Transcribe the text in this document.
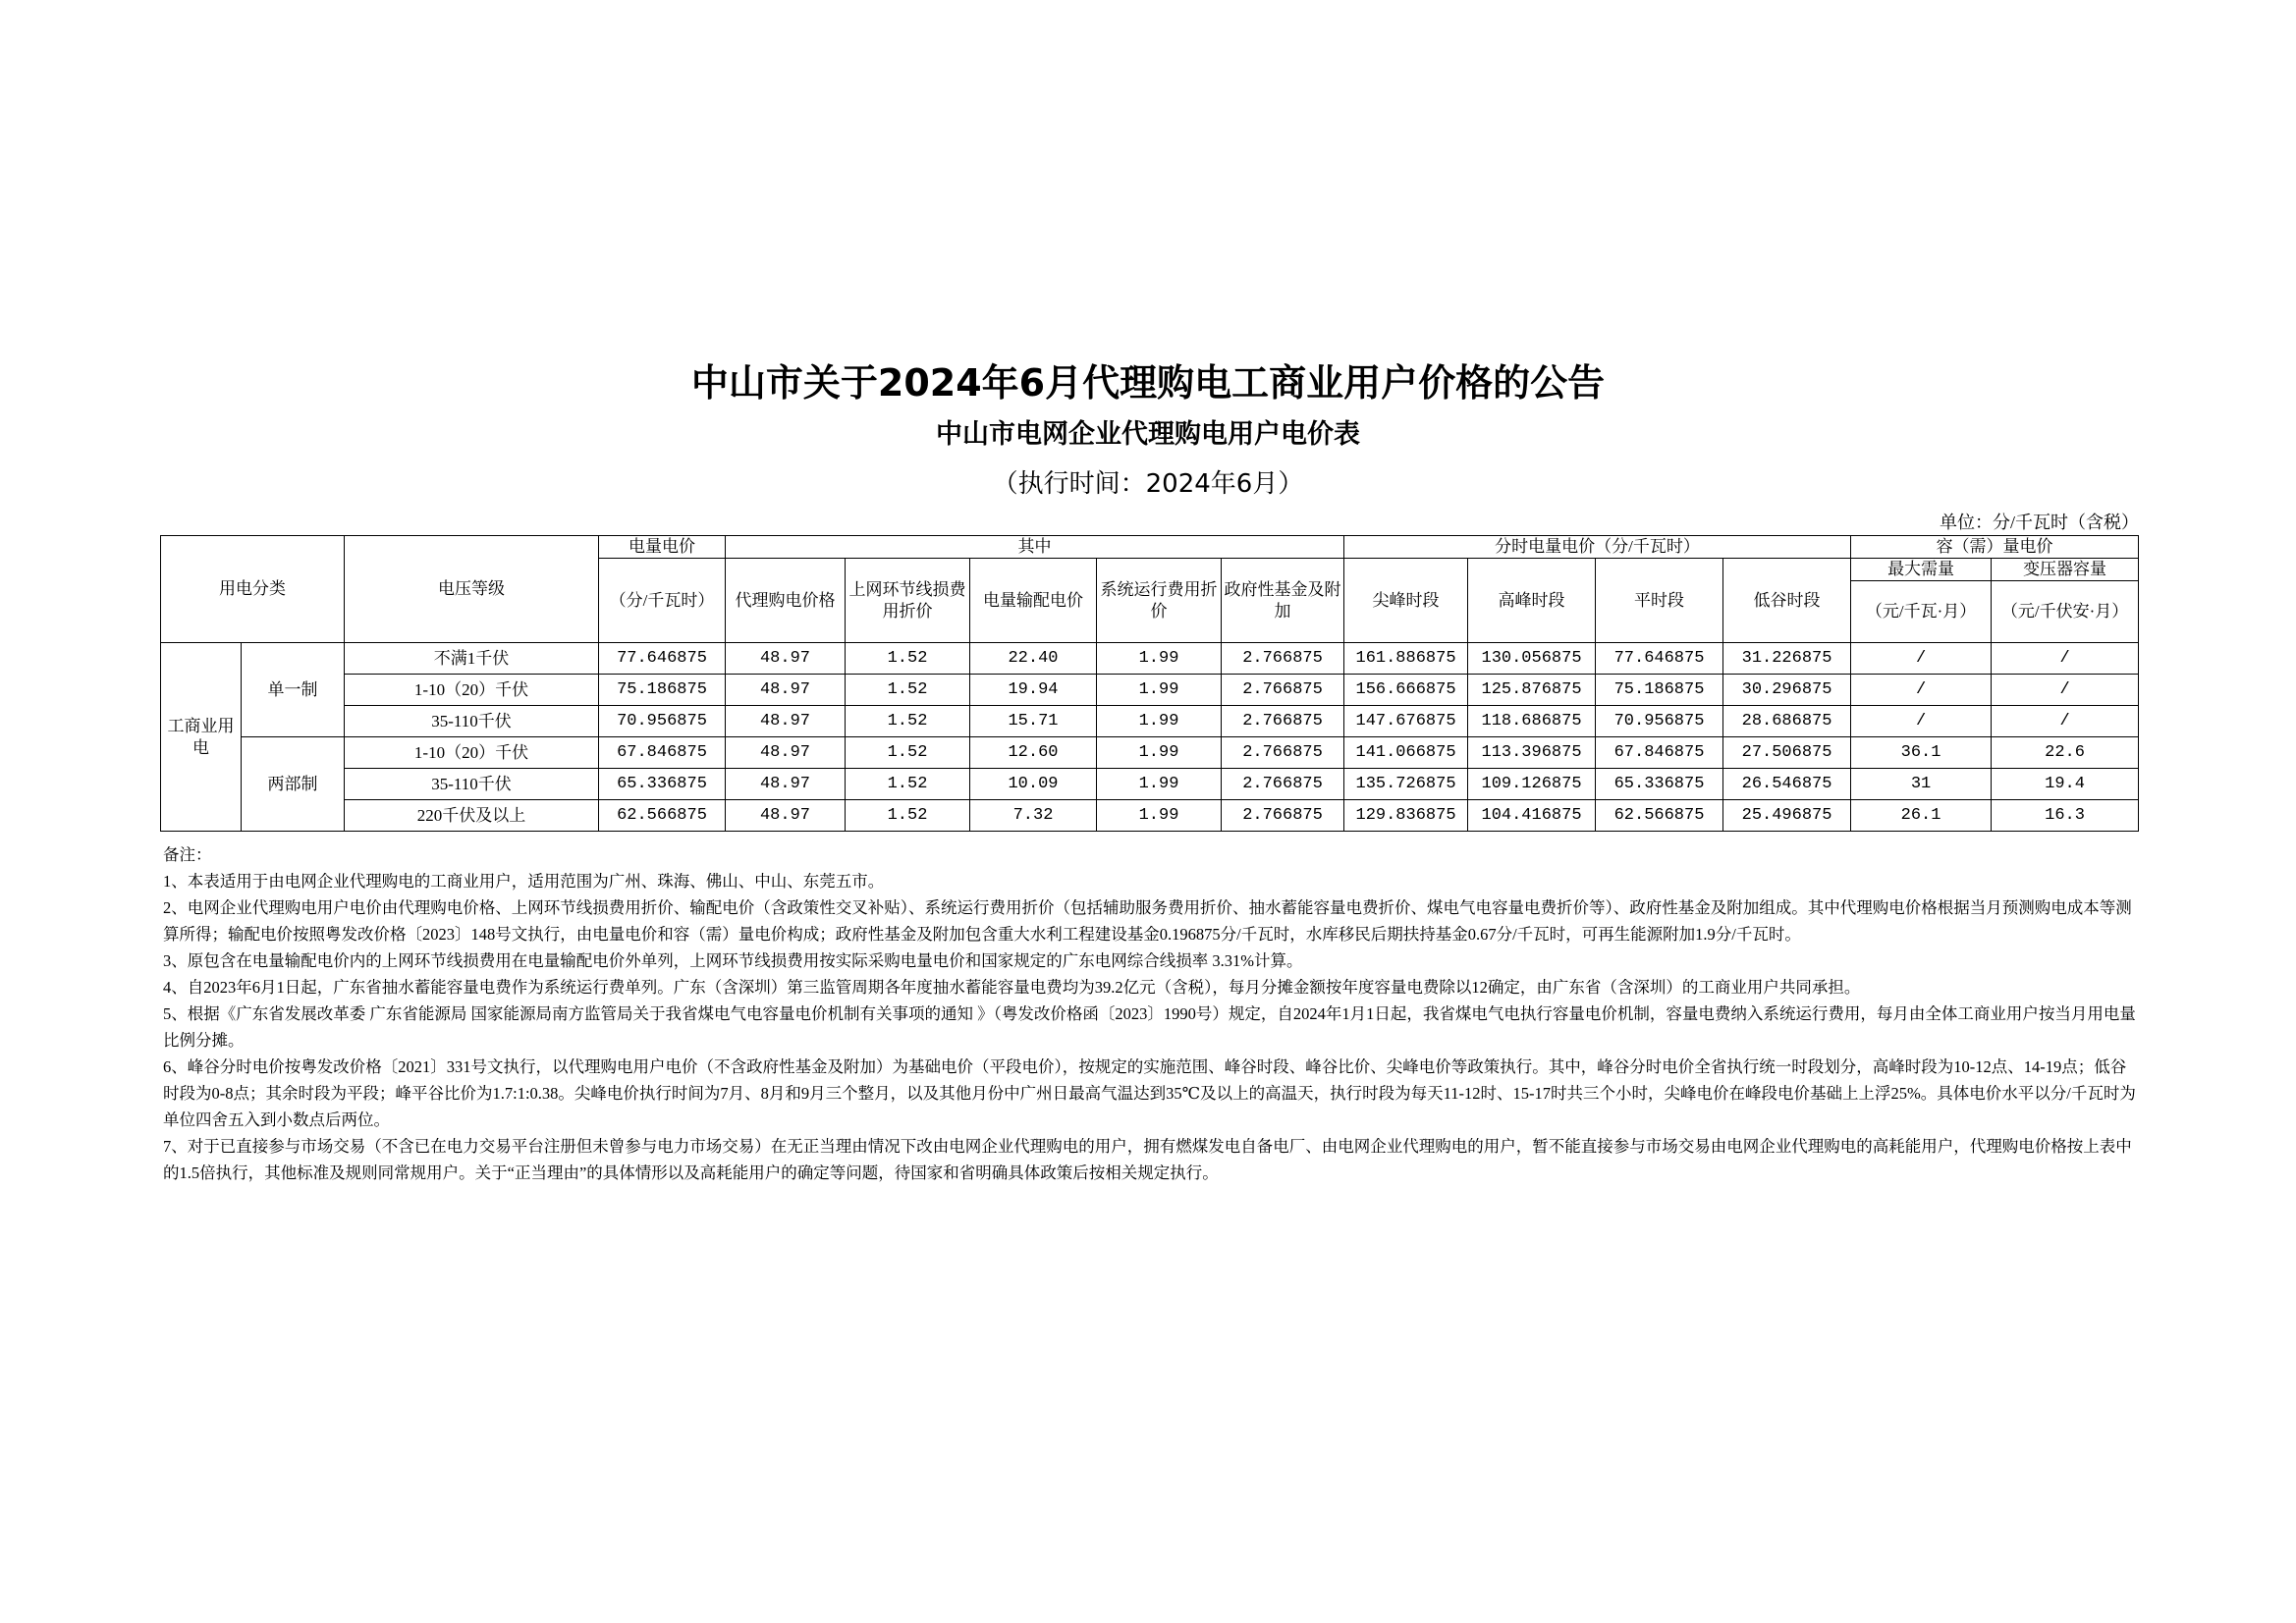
中山市关于2024年6月代理购电工商业用户价格的公告
中山市电网企业代理购电用户电价表
（执行时间：2024年6月）
单位：分/千瓦时（含税）
用电分类		电压等级	电量电价	其中					分时电量电价（分/千瓦时）				容（需）量电价	
			（分/千瓦时）	代理购电价格	上网环节线损费用折价	电量输配电价	系统运行费用折价	政府性基金及附加	尖峰时段	高峰时段	平时段	低谷时段	最大需量	变压器容量
													（元/千瓦·月）	（元/千伏安·月）
工商业用电	单一制	不满1千伏	77.646875	48.97	1.52	22.40	1.99	2.766875	161.886875	130.056875	77.646875	31.226875	/	/
		1-10（20）千伏	75.186875	48.97	1.52	19.94	1.99	2.766875	156.666875	125.876875	75.186875	30.296875	/	/
		35-110千伏	70.956875	48.97	1.52	15.71	1.99	2.766875	147.676875	118.686875	70.956875	28.686875	/	/
	两部制	1-10（20）千伏	67.846875	48.97	1.52	12.60	1.99	2.766875	141.066875	113.396875	67.846875	27.506875	36.1	22.6
		35-110千伏	65.336875	48.97	1.52	10.09	1.99	2.766875	135.726875	109.126875	65.336875	26.546875	31	19.4
		220千伏及以上	62.566875	48.97	1.52	7.32	1.99	2.766875	129.836875	104.416875	62.566875	25.496875	26.1	16.3

备注：

1、本表适用于由电网企业代理购电的工商业用户，适用范围为广州、珠海、佛山、中山、东莞五市。

2、电网企业代理购电用户电价由代理购电价格、上网环节线损费用折价、输配电价（含政策性交叉补贴）、系统运行费用折价（包括辅助服务费用折价、抽水蓄能容量电费折价、煤电气电容量电费折价等）、政府性基金及附加组成。其中代理购电价格根据当月预测购电成本等测算所得；输配电价按照粤发改价格〔2023〕148号文执行，由电量电价和容（需）量电价构成；政府性基金及附加包含重大水利工程建设基金0.196875分/千瓦时，水库移民后期扶持基金0.67分/千瓦时，可再生能源附加1.9分/千瓦时。

3、原包含在电量输配电价内的上网环节线损费用在电量输配电价外单列，上网环节线损费用按实际采购电量电价和国家规定的广东电网综合线损率 3.31%计算。

4、自2023年6月1日起，广东省抽水蓄能容量电费作为系统运行费单列。广东（含深圳）第三监管周期各年度抽水蓄能容量电费均为39.2亿元（含税），每月分摊金额按年度容量电费除以12确定，由广东省（含深圳）的工商业用户共同承担。

5、根据《广东省发展改革委 广东省能源局 国家能源局南方监管局关于我省煤电气电容量电价机制有关事项的通知 》（粤发改价格函〔2023〕1990号）规定，自2024年1月1日起，我省煤电气电执行容量电价机制，容量电费纳入系统运行费用，每月由全体工商业用户按当月用电量比例分摊。

6、峰谷分时电价按粤发改价格〔2021〕331号文执行，以代理购电用户电价（不含政府性基金及附加）为基础电价（平段电价），按规定的实施范围、峰谷时段、峰谷比价、尖峰电价等政策执行。其中，峰谷分时电价全省执行统一时段划分，高峰时段为10-12点、14-19点；低谷时段为0-8点；其余时段为平段；峰平谷比价为1.7:1:0.38。尖峰电价执行时间为7月、8月和9月三个整月，以及其他月份中广州日最高气温达到35℃及以上的高温天，执行时段为每天11-12时、15-17时共三个小时，尖峰电价在峰段电价基础上上浮25%。具体电价水平以分/千瓦时为单位四舍五入到小数点后两位。

7、对于已直接参与市场交易（不含已在电力交易平台注册但未曾参与电力市场交易）在无正当理由情况下改由电网企业代理购电的用户，拥有燃煤发电自备电厂、由电网企业代理购电的用户，暂不能直接参与市场交易由电网企业代理购电的高耗能用户，代理购电价格按上表中的1.5倍执行，其他标准及规则同常规用户。关于“正当理由”的具体情形以及高耗能用户的确定等问题，待国家和省明确具体政策后按相关规定执行。
